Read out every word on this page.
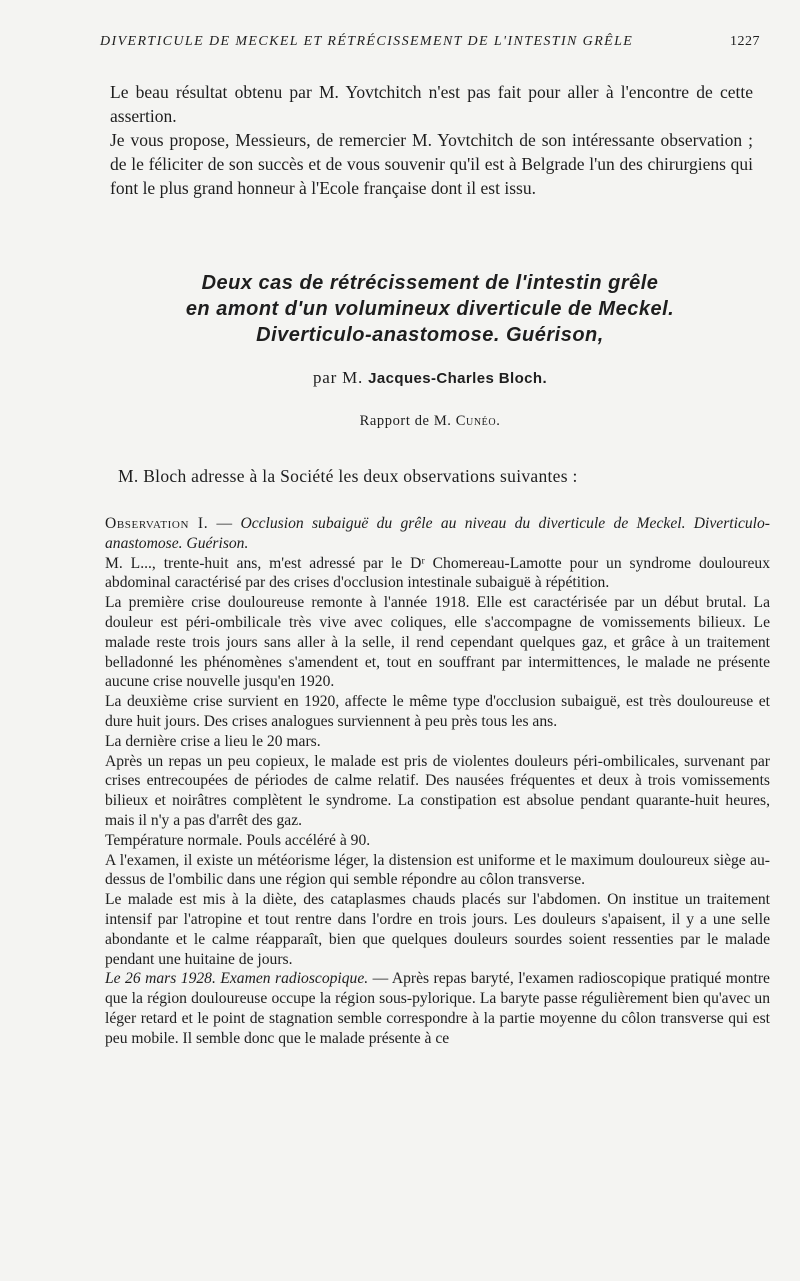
DIVERTICULE DE MECKEL ET RÉTRÉCISSEMENT DE L'INTESTIN GRÊLE	1227

Le beau résultat obtenu par M. Yovtchitch n'est pas fait pour aller à l'encontre de cette assertion.

Je vous propose, Messieurs, de remercier M. Yovtchitch de son intéressante observation ; de le féliciter de son succès et de vous souvenir qu'il est à Belgrade l'un des chirurgiens qui font le plus grand honneur à l'Ecole française dont il est issu.

Deux cas de rétrécissement de l'intestin grêle
en amont d'un volumineux diverticule de Meckel.
Diverticulo-anastomose. Guérison,
par M. Jacques-Charles Bloch.
Rapport de M. Cunéo.
M. Bloch adresse à la Société les deux observations suivantes :

Observation I. — Occlusion subaiguë du grêle au niveau du diverticule de Meckel. Diverticulo-anastomose. Guérison.

M. L..., trente-huit ans, m'est adressé par le Dʳ Chomereau-Lamotte pour un syndrome douloureux abdominal caractérisé par des crises d'occlusion intestinale subaiguë à répétition.

La première crise douloureuse remonte à l'année 1918. Elle est caractérisée par un début brutal. La douleur est péri-ombilicale très vive avec coliques, elle s'accompagne de vomissements bilieux. Le malade reste trois jours sans aller à la selle, il rend cependant quelques gaz, et grâce à un traitement belladonné les phénomènes s'amendent et, tout en souffrant par intermittences, le malade ne présente aucune crise nouvelle jusqu'en 1920.

La deuxième crise survient en 1920, affecte le même type d'occlusion subaiguë, est très douloureuse et dure huit jours. Des crises analogues surviennent à peu près tous les ans.

La dernière crise a lieu le 20 mars.

Après un repas un peu copieux, le malade est pris de violentes douleurs péri-ombilicales, survenant par crises entrecoupées de périodes de calme relatif. Des nausées fréquentes et deux à trois vomissements bilieux et noirâtres complètent le syndrome. La constipation est absolue pendant quarante-huit heures, mais il n'y a pas d'arrêt des gaz.

Température normale. Pouls accéléré à 90.

A l'examen, il existe un météorisme léger, la distension est uniforme et le maximum douloureux siège au-dessus de l'ombilic dans une région qui semble répondre au côlon transverse.

Le malade est mis à la diète, des cataplasmes chauds placés sur l'abdomen. On institue un traitement intensif par l'atropine et tout rentre dans l'ordre en trois jours. Les douleurs s'apaisent, il y a une selle abondante et le calme réapparaît, bien que quelques douleurs sourdes soient ressenties par le malade pendant une huitaine de jours.

Le 26 mars 1928. Examen radioscopique. — Après repas baryté, l'examen radioscopique pratiqué montre que la région douloureuse occupe la région sous-pylorique. La baryte passe régulièrement bien qu'avec un léger retard et le point de stagnation semble correspondre à la partie moyenne du côlon transverse qui est peu mobile. Il semble donc que le malade présente à ce
